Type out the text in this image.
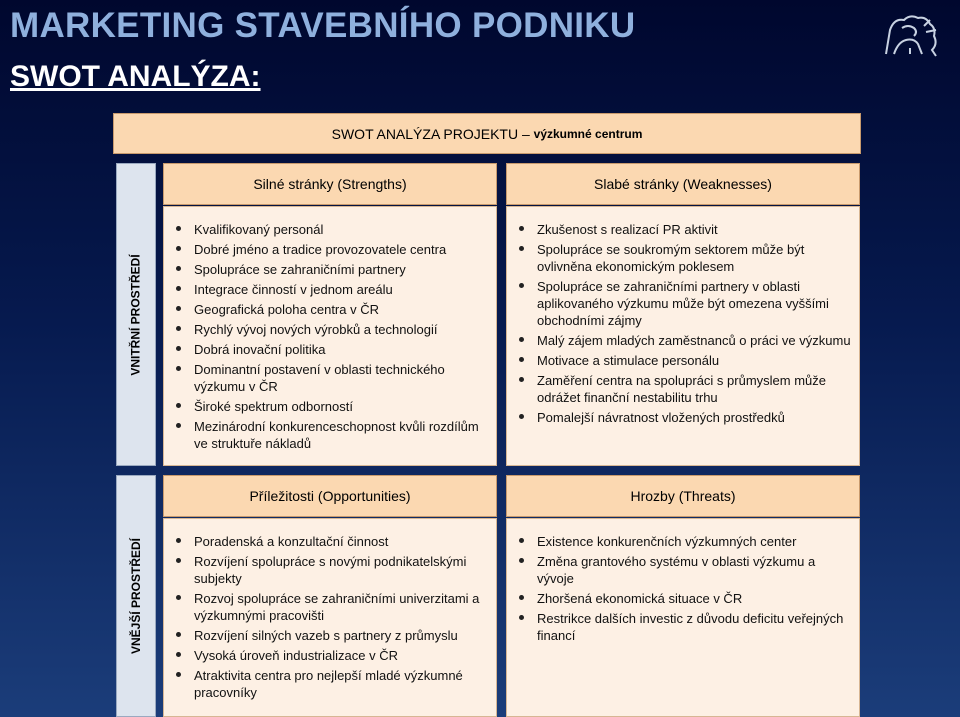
MARKETING STAVEBNÍHO PODNIKU
SWOT ANALÝZA:
SWOT ANALÝZA PROJEKTU – výzkumné centrum
VNITŘNÍ PROSTŘEDÍ
VNĚJŠÍ PROSTŘEDÍ
Silné stránky (Strengths)
Kvalifikovaný personál
Dobré jméno a tradice provozovatele centra
Spolupráce se zahraničními partnery
Integrace činností v jednom areálu
Geografická poloha centra v ČR
Rychlý vývoj nových výrobků a technologií
Dobrá inovační politika
Dominantní postavení v oblasti technického výzkumu v ČR
Široké spektrum odborností
Mezinárodní konkurenceschopnost kvůli rozdílům ve struktuře nákladů
Slabé stránky (Weaknesses)
Zkušenost s realizací PR aktivit
Spolupráce se soukromým sektorem může být ovlivněna ekonomickým poklesem
Spolupráce se zahraničními partnery v oblasti aplikovaného výzkumu může být omezena vyššími obchodními zájmy
Malý zájem mladých zaměstnanců o práci ve výzkumu
Motivace a stimulace personálu
Zaměření centra na spolupráci s průmyslem může odrážet finanční nestabilitu trhu
Pomalejší návratnost vložených prostředků
Příležitosti (Opportunities)
Poradenská a konzultační činnost
Rozvíjení spolupráce s novými podnikatelskými subjekty
Rozvoj spolupráce se zahraničními univerzitami a výzkumnými pracovišti
Rozvíjení silných vazeb s partnery z průmyslu
Vysoká úroveň industrializace v ČR
Atraktivita centra pro nejlepší mladé výzkumné pracovníky
Hrozby (Threats)
Existence konkurenčních výzkumných center
Změna grantového systému v oblasti výzkumu a vývoje
Zhoršená ekonomická situace v ČR
Restrikce dalších investic z důvodu deficitu veřejných financí
